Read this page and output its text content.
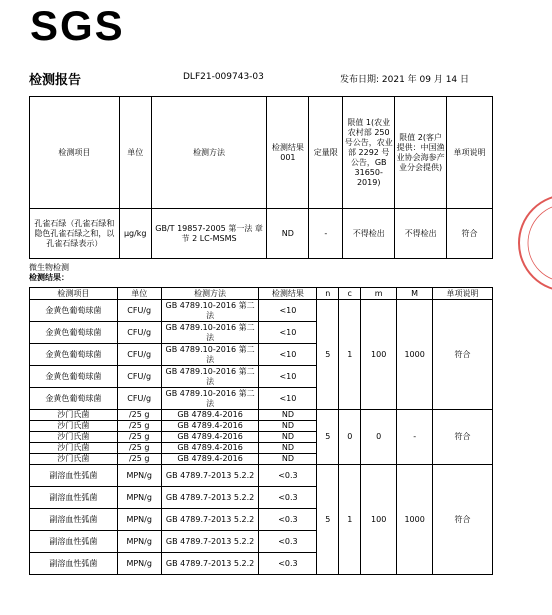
SGS
检测报告	DLF21-009743-03	发布日期: 2021 年 09 月 14 日
检测项目	单位	检测方法	检测结果 001	定量限	限值 1(农业农村部 250 号公告，农业部 2292 号公告，GB 31650-2019)	限值 2(客户提供：中国渔业协会海参产业分会提供)	单项说明
孔雀石绿（孔雀石绿和隐色孔雀石绿之和，以孔雀石绿表示）	μg/kg	GB/T 19857-2005 第一法 章节 2 LC-MSMS	ND	-	不得检出	不得检出	符合
微生物检测
检测结果：
检测项目	单位	检测方法	检测结果	n	c	m	M	单项说明
金黄色葡萄球菌	CFU/g	GB 4789.10-2016 第二法	<10	5	1	100	1000	符合
金黄色葡萄球菌	CFU/g	GB 4789.10-2016 第二法	<10					
金黄色葡萄球菌	CFU/g	GB 4789.10-2016 第二法	<10					
金黄色葡萄球菌	CFU/g	GB 4789.10-2016 第二法	<10					
金黄色葡萄球菌	CFU/g	GB 4789.10-2016 第二法	<10					
沙门氏菌	/25 g	GB 4789.4-2016	ND	5	0	0	-	符合
沙门氏菌	/25 g	GB 4789.4-2016	ND					
沙门氏菌	/25 g	GB 4789.4-2016	ND					
沙门氏菌	/25 g	GB 4789.4-2016	ND					
沙门氏菌	/25 g	GB 4789.4-2016	ND					
副溶血性弧菌	MPN/g	GB 4789.7-2013 5.2.2	<0.3	5	1	100	1000	符合
副溶血性弧菌	MPN/g	GB 4789.7-2013 5.2.2	<0.3					
副溶血性弧菌	MPN/g	GB 4789.7-2013 5.2.2	<0.3					
副溶血性弧菌	MPN/g	GB 4789.7-2013 5.2.2	<0.3					
副溶血性弧菌	MPN/g	GB 4789.7-2013 5.2.2	<0.3					
